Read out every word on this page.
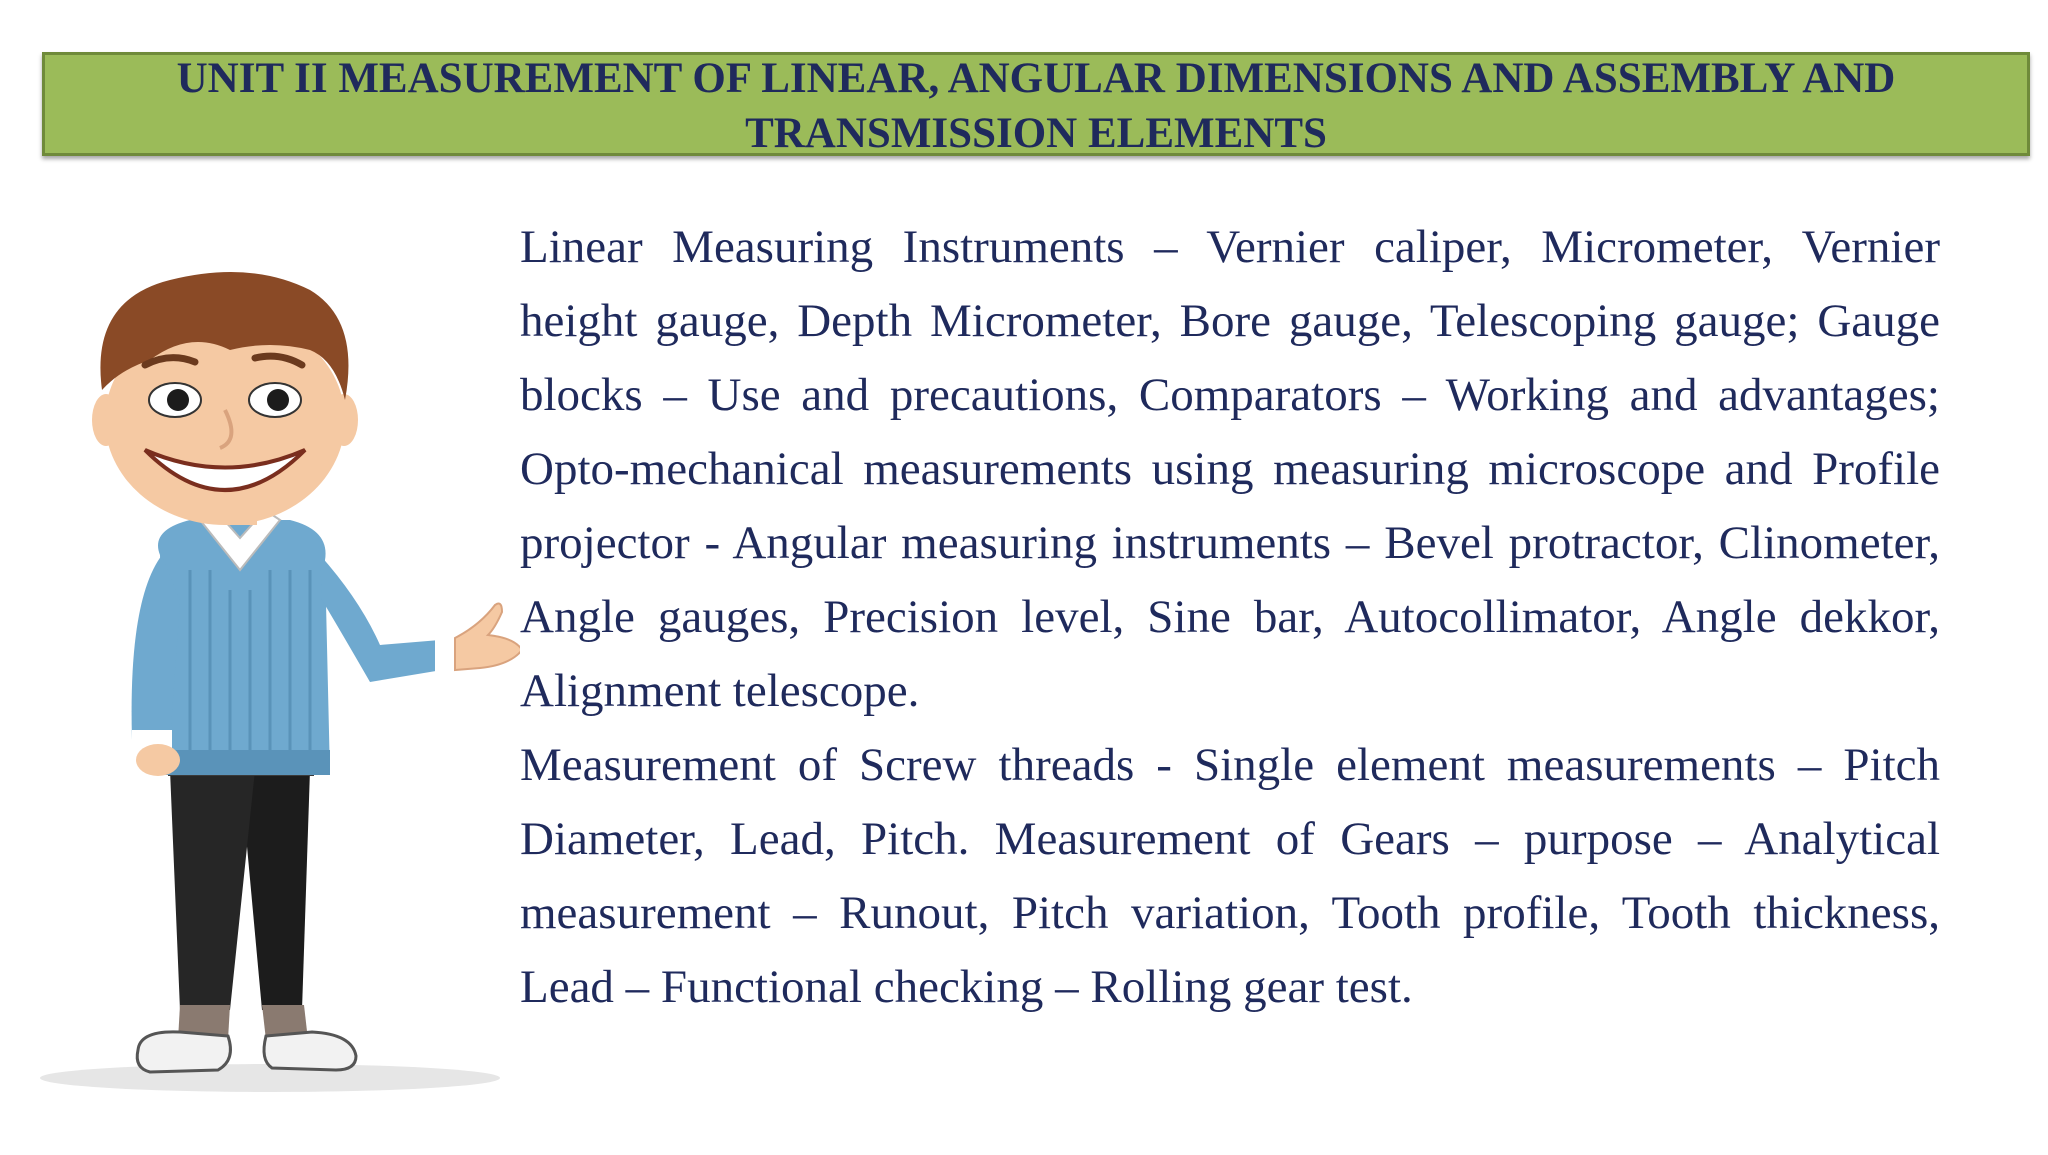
UNIT II MEASUREMENT OF LINEAR, ANGULAR DIMENSIONS AND ASSEMBLY AND TRANSMISSION ELEMENTS

Linear Measuring Instruments – Vernier caliper, Micrometer, Vernier height gauge, Depth Micrometer, Bore gauge, Telescoping gauge; Gauge blocks – Use and precautions, Comparators – Working and advantages; Opto-mechanical measurements using measuring microscope and Profile projector - Angular measuring instruments – Bevel protractor, Clinometer, Angle gauges, Precision level, Sine bar, Autocollimator, Angle dekkor, Alignment telescope.

Measurement of Screw threads - Single element measurements – Pitch Diameter, Lead, Pitch. Measurement of Gears – purpose – Analytical measurement – Runout, Pitch variation, Tooth profile, Tooth thickness, Lead – Functional checking – Rolling gear test.
